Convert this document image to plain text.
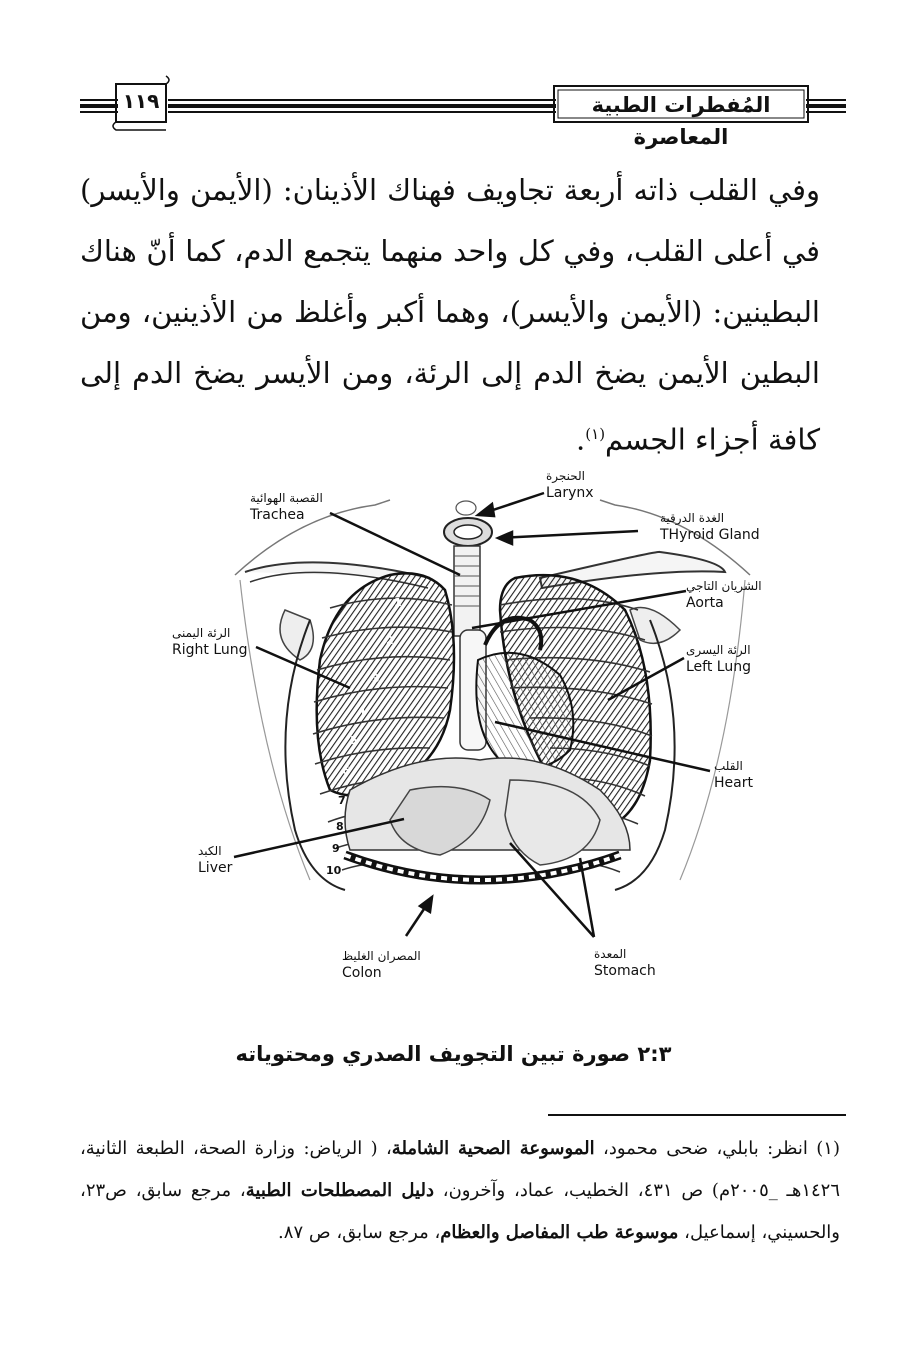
١١٩	المُفطرات الطبية المعاصرة
وفي القلب ذاته أربعة تجاويف فهناك الأذينان: (الأيمن والأيسر) في أعلى القلب، وفي كل واحد منهما يتجمع الدم، كما أنّ هناك البطينين: (الأيمن والأيسر)، وهما أكبر وأغلظ من الأذينين، ومن البطين الأيمن يضخ الدم إلى الرئة، ومن الأيسر يضخ الدم إلى كافة أجزاء الجسم$^{(١)}$.
1
2
3
4
5
6
7
8
9
10
الحنجرة
Larynx
القصبة الهوائية
Trachea	الغدة الدرقية
THyroid Gland
الشريان التاجي
Aorta
الرئة اليمنى
Right Lung	الرئة اليسرى
Left Lung
القلب
Heart
الكبد
Liver
المصران الغليظ
Colon
المعدة
Stomach
٢:٣ صورة تبين التجويف الصدري ومحتوياته
(١) انظر: بابلي، ضحى محمود، الموسوعة الصحية الشاملة، ( الرياض: وزارة الصحة، الطبعة الثانية، ١٤٢٦هـ _٢٠٠٥م) ص ٤٣١، الخطيب، عماد، وآخرون، دليل المصطلحات الطبية، مرجع سابق، ص٢٣، والحسيني، إسماعيل، موسوعة طب المفاصل والعظام، مرجع سابق، ص ٨٧.
